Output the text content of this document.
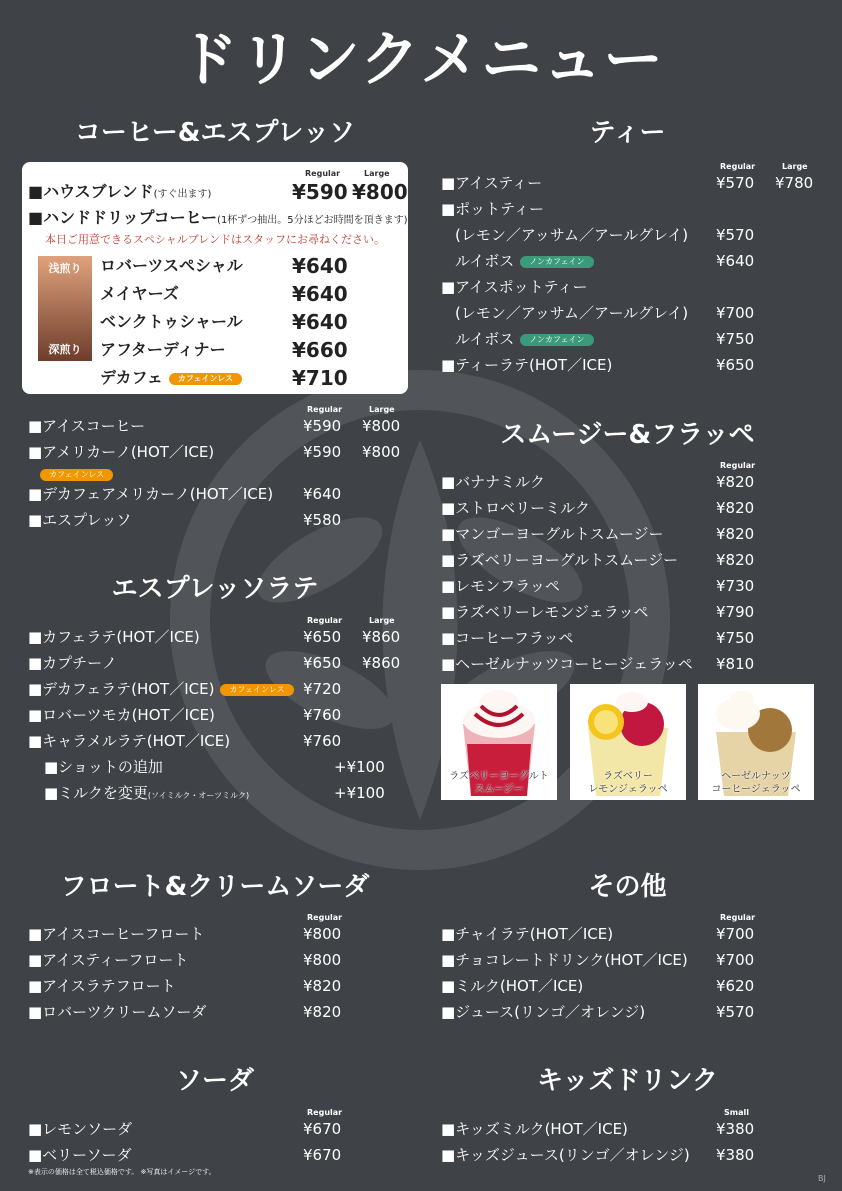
ドリンクメニュー
コーヒー&エスプレッソ
Regular	Large
■ハウスブレンド(すぐ出ます)	¥590 ¥800
■ハンドドリップコーヒー(1杯ずつ抽出。5分ほどお時間を頂きます)
本日ご用意できるスペシャルブレンドはスタッフにお尋ねください。
浅煎り
深煎り
ロバーツスペシャル ¥640
メイヤーズ	¥640
ベンクトゥシャール ¥640
アフターディナー	¥660
デカフェ カフェインレス	¥710
Regular	Large
■アイスコーヒー	¥590 ¥800
■アメリカーノ(HOT／ICE)	¥590 ¥800
カフェインレス
■デカフェアメリカーノ(HOT／ICE) ¥640
■エスプレッソ	¥580
エスプレッソラテ
Regular	Large
■カフェラテ(HOT／ICE)	¥650 ¥860
■カプチーノ	¥650 ¥860
■デカフェラテ(HOT／ICE) カフェインレス	¥720
■ロバーツモカ(HOT／ICE)	¥760
■キャラメルラテ(HOT／ICE)	¥760
■ショットの追加	+¥100
■ミルクを変更(ソイミルク・オーツミルク)	+¥100
フロート&クリームソーダ
Regular
■アイスコーヒーフロート	¥800
■アイスティーフロート	¥800
■アイスラテフロート	¥820
■ロバーツクリームソーダ	¥820
ソーダ
Regular
■レモンソーダ	¥670
■ベリーソーダ	¥670
※表示の価格は全て税込価格です。 ※写真はイメージです。
ティー
Regular	Large
■アイスティー	¥570 ¥780
■ポットティー
(レモン／アッサム／アールグレイ) ¥570
ルイボス ノンカフェイン	¥640
■アイスポットティー
(レモン／アッサム／アールグレイ) ¥700
ルイボス ノンカフェイン	¥750
■ティーラテ(HOT／ICE)	¥650
スムージー&フラッペ
Regular
■バナナミルク	¥820
■ストロベリーミルク	¥820
■マンゴーヨーグルトスムージー	¥820
■ラズベリーヨーグルトスムージー	¥820
■レモンフラッペ	¥730
■ラズベリーレモンジェラッペ	¥790
■コーヒーフラッペ	¥750
■ヘーゼルナッツコーヒージェラッペ ¥810
ラズベリーヨーグルト
スムージー
ラズベリー
レモンジェラッペ
ヘーゼルナッツ
コーヒージェラッペ
その他
Regular
■チャイラテ(HOT／ICE)	¥700
■チョコレートドリンク(HOT／ICE) ¥700
■ミルク(HOT／ICE)	¥620
■ジュース(リンゴ／オレンジ)	¥570
キッズドリンク
Small
■キッズミルク(HOT／ICE)	¥380
■キッズジュース(リンゴ／オレンジ) ¥380
BJ
